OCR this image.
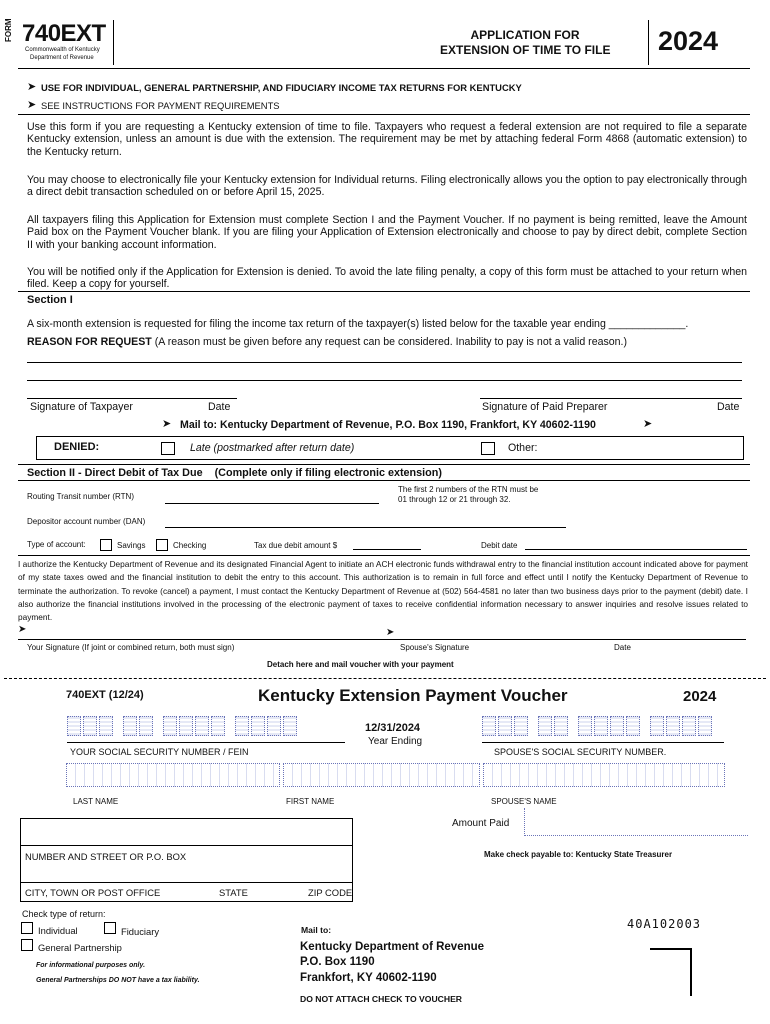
FORM 740EXT
Commonwealth of Kentucky
Department of Revenue
APPLICATION FOR
EXTENSION OF TIME TO FILE 2024
➤ USE FOR INDIVIDUAL, GENERAL PARTNERSHIP, AND FIDUCIARY INCOME TAX RETURNS FOR KENTUCKY
➤ SEE INSTRUCTIONS FOR PAYMENT REQUIREMENTS
Use this form if you are requesting a Kentucky extension of time to file. Taxpayers who request a federal extension are not required to file a separate Kentucky extension, unless an amount is due with the extension. The requirement may be met by attaching federal Form 4868 (automatic extension) to the Kentucky return.
You may choose to electronically file your Kentucky extension for Individual returns. Filing electronically allows you the option to pay electronically through a direct debit transaction scheduled on or before April 15, 2025.
All taxpayers filing this Application for Extension must complete Section I and the Payment Voucher. If no payment is being remitted, leave the Amount Paid box on the Payment Voucher blank. If you are filing your Application of Extension electronically and choose to pay by direct debit, complete Section II with your banking account information.
You will be notified only if the Application for Extension is denied. To avoid the late filing penalty, a copy of this form must be attached to your return when filed. Keep a copy for yourself.
Section I
A six-month extension is requested for filing the income tax return of the taxpayer(s) listed below for the taxable year ending _____________.
REASON FOR REQUEST (A reason must be given before any request can be considered. Inability to pay is not a valid reason.)
Signature of Taxpayer	Date	Signature of Paid Preparer	Date
➤ Mail to: Kentucky Department of Revenue, P.O. Box 1190, Frankfort, KY 40602-1190	➤
DENIED:	Late (postmarked after return date)	Other:
Section II - Direct Debit of Tax Due (Complete only if filing electronic extension)
Routing Transit number (RTN)
The first 2 numbers of the RTN must be
01 through 12 or 21 through 32.
Depositor account number (DAN)
Type of account:	Savings	Checking	Tax due debit amount $	Debit date
I authorize the Kentucky Department of Revenue and its designated Financial Agent to initiate an ACH electronic funds withdrawal entry to the financial institution account indicated above for payment of my state taxes owed and the financial institution to debit the entry to this account. This authorization is to remain in full force and effect until I notify the Kentucky Department of Revenue to terminate the authorization. To revoke (cancel) a payment, I must contact the Kentucky Department of Revenue at (502) 564-4581 no later than two business days prior to the payment (debit) date. I also authorize the financial institutions involved in the processing of the electronic payment of taxes to receive confidential information necessary to answer inquiries and resolve issues related to payment.
➤	➤
Your Signature (If joint or combined return, both must sign)	Spouse's Signature	Date
Detach here and mail voucher with your payment
740EXT (12/24)	Kentucky Extension Payment Voucher	2024
12/31/2024
Year Ending
YOUR SOCIAL SECURITY NUMBER / FEIN	SPOUSE'S SOCIAL SECURITY NUMBER.
LAST NAME	FIRST NAME	SPOUSE'S NAME
NUMBER AND STREET OR P.O. BOX
CITY, TOWN OR POST OFFICE	STATE	ZIP CODE
Amount Paid
Make check payable to: Kentucky State Treasurer
Check type of return:
Individual	Fiduciary
General Partnership
For informational purposes only.
General Partnerships DO NOT have a tax liability.
Mail to:
Kentucky Department of Revenue
P.O. Box 1190
Frankfort, KY 40602-1190
DO NOT ATTACH CHECK TO VOUCHER
40A102003
